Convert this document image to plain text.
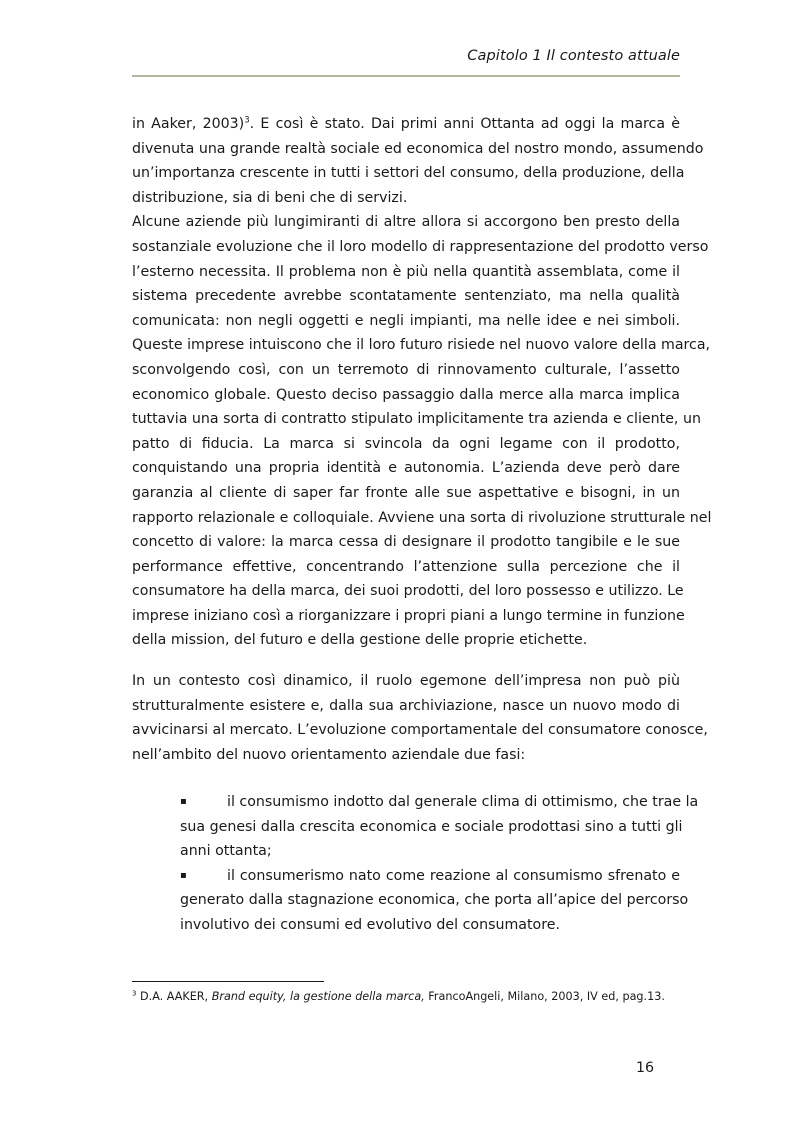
Capitolo 1 Il contesto attuale
in Aaker, 2003)$^3$. E così è stato. Dai primi anni Ottanta ad oggi la marca è
divenuta una grande realtà sociale ed economica del nostro mondo, assumendo
un’importanza crescente in tutti i settori del consumo, della produzione, della
distribuzione, sia di beni che di servizi.
Alcune aziende più lungimiranti di altre allora si accorgono ben presto della
sostanziale evoluzione che il loro modello di rappresentazione del prodotto verso
l’esterno necessita. Il problema non è più nella quantità assemblata, come il
sistema precedente avrebbe scontatamente sentenziato, ma nella qualità
comunicata: non negli oggetti e negli impianti, ma nelle idee e nei simboli.
Queste imprese intuiscono che il loro futuro risiede nel nuovo valore della marca,
sconvolgendo così, con un terremoto di rinnovamento culturale, l’assetto
economico globale. Questo deciso passaggio dalla merce alla marca implica
tuttavia una sorta di contratto stipulato implicitamente tra azienda e cliente, un
patto di fiducia. La marca si svincola da ogni legame con il prodotto,
conquistando una propria identità e autonomia. L’azienda deve però dare
garanzia al cliente di saper far fronte alle sue aspettative e bisogni, in un
rapporto relazionale e colloquiale. Avviene una sorta di rivoluzione strutturale nel
concetto di valore: la marca cessa di designare il prodotto tangibile e le sue
performance effettive, concentrando l’attenzione sulla percezione che il
consumatore ha della marca, dei suoi prodotti, del loro possesso e utilizzo. Le
imprese iniziano così a riorganizzare i propri piani a lungo termine in funzione
della mission, del futuro e della gestione delle proprie etichette.
In un contesto così dinamico, il ruolo egemone dell’impresa non può più
strutturalmente esistere e, dalla sua archiviazione, nasce un nuovo modo di
avvicinarsi al mercato. L’evoluzione comportamentale del consumatore conosce,
nell’ambito del nuovo orientamento aziendale due fasi:
▪	il consumismo indotto dal generale clima di ottimismo, che trae la
sua genesi dalla crescita economica e sociale prodottasi sino a tutti gli
anni ottanta;
▪	il consumerismo nato come reazione al consumismo sfrenato e
generato dalla stagnazione economica, che porta all’apice del percorso
involutivo dei consumi ed evolutivo del consumatore.
$^3$ D.A. AAKER, Brand equity, la gestione della marca, FrancoAngeli, Milano, 2003, IV ed, pag.13.
16
